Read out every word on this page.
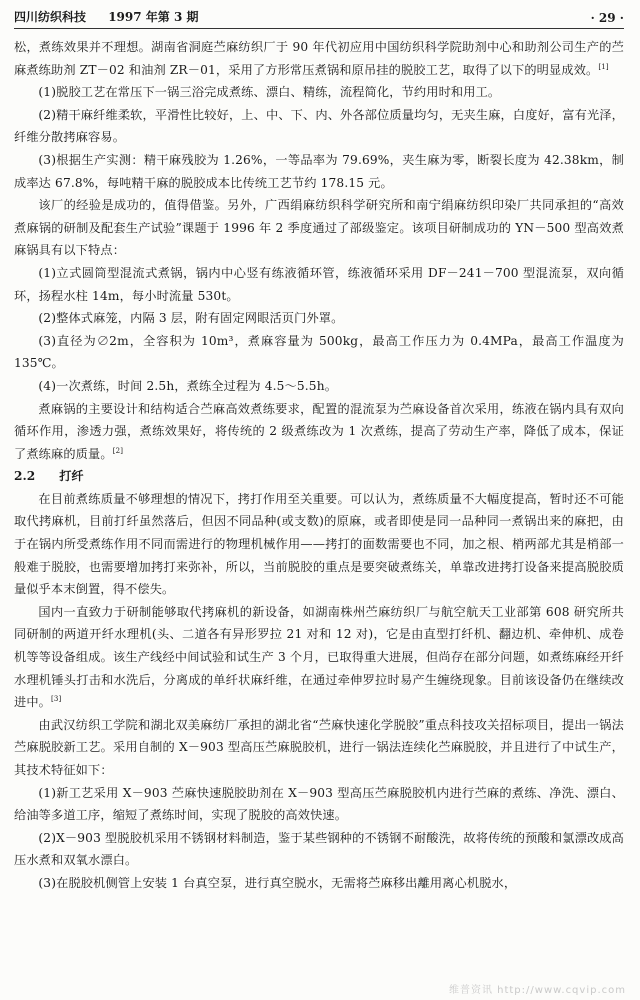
四川纺织科技 1997 年第 3 期	· 29 ·

松，煮练效果并不理想。湖南省洞庭苎麻纺织厂于 90 年代初应用中国纺织科学院助剂中心和助剂公司生产的苎麻煮练助剂 ZT－02 和油剂 ZR－01，采用了方形常压煮锅和原吊挂的脱胶工艺，取得了以下的明显成效。[1]

(1)脱胶工艺在常压下一锅三浴完成煮练、漂白、精练，流程简化，节约用时和用工。

(2)精干麻纤维柔软，平滑性比较好，上、中、下、内、外各部位质量均匀，无夹生麻，白度好，富有光泽，纤维分散拷麻容易。

(3)根据生产实测：精干麻残胶为 1.26%，一等品率为 79.69%，夹生麻为零，断裂长度为 42.38km，制成率达 67.8%，每吨精干麻的脱胶成本比传统工艺节约 178.15 元。

该厂的经验是成功的，值得借鉴。另外，广西绢麻纺织科学研究所和南宁绢麻纺织印染厂共同承担的“高效煮麻锅的研制及配套生产试验”课题于 1996 年 2 季度通过了部级鉴定。该项目研制成功的 YN－500 型高效煮麻锅具有以下特点：

(1)立式圆筒型混流式煮锅，锅内中心竖有练液循环管，练液循环采用 DF－241－700 型混流泵，双向循环，扬程水柱 14m，每小时流量 530t。

(2)整体式麻笼，内隔 3 层，附有固定网眼活页门外罩。

(3)直径为∅2m，全容积为 10m³，煮麻容量为 500kg，最高工作压力为 0.4MPa，最高工作温度为 135℃。

(4)一次煮练，时间 2.5h，煮练全过程为 4.5～5.5h。

煮麻锅的主要设计和结构适合苎麻高效煮练要求，配置的混流泵为苎麻设备首次采用，练液在锅内具有双向循环作用，渗透力强，煮练效果好，将传统的 2 级煮练改为 1 次煮练，提高了劳动生产率，降低了成本，保证了煮练麻的质量。[2]

2.2 打纤

在目前煮练质量不够理想的情况下，拷打作用至关重要。可以认为，煮练质量不大幅度提高，暂时还不可能取代拷麻机，目前打纤虽然落后，但因不同品种(或支数)的原麻，或者即使是同一品种同一煮锅出来的麻把，由于在锅内所受煮练作用不同而需进行的物理机械作用——拷打的面数需要也不同，加之根、梢两部尤其是梢部一般难于脱胶，也需要增加拷打来弥补，所以，当前脱胶的重点是要突破煮练关，单靠改进拷打设备来提高脱胶质量似乎本末倒置，得不偿失。

国内一直致力于研制能够取代拷麻机的新设备，如湖南株州苎麻纺织厂与航空航天工业部第 608 研究所共同研制的两道开纤水理机(头、二道各有异形罗拉 21 对和 12 对)，它是由直型打纤机、翻边机、牵伸机、成卷机等等设备组成。该生产线经中间试验和试生产 3 个月，已取得重大进展，但尚存在部分问题，如煮练麻经开纤水理机锤头打击和水洗后，分离成的单纤状麻纤维，在通过牵伸罗拉时易产生缠绕现象。目前该设备仍在继续改进中。[3]

由武汉纺织工学院和湖北双美麻纺厂承担的湖北省“苎麻快速化学脱胶”重点科技攻关招标项目，提出一锅法苎麻脱胶新工艺。采用自制的 X－903 型高压苎麻脱胶机，进行一锅法连续化苎麻脱胶，并且进行了中试生产，其技术特征如下：

(1)新工艺采用 X－903 苎麻快速脱胶助剂在 X－903 型高压苎麻脱胶机内进行苎麻的煮练、净洗、漂白、给油等多道工序，缩短了煮练时间，实现了脱胶的高效快速。

(2)X－903 型脱胶机采用不锈钢材料制造，鉴于某些钢种的不锈钢不耐酸洗，故将传统的预酸和氯漂改成高压水煮和双氧水漂白。

(3)在脱胶机侧管上安装 1 台真空泵，进行真空脱水，无需将苎麻移出離用离心机脱水，

维普资讯 http://www.cqvip.com
